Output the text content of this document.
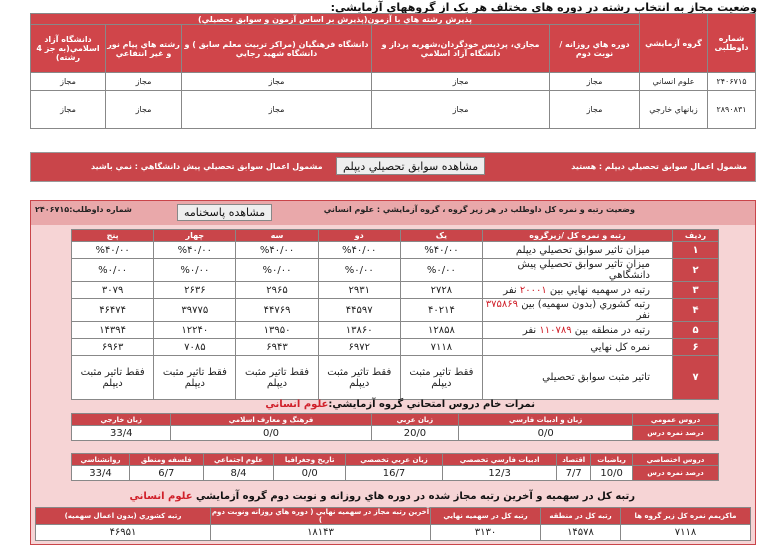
وضعیت مجاز به انتخاب رشته در دوره هاي مختلف هر يک از گروههاي آزمايشي:
شماره داوطلبی	گروه آزمايشي	پذيرش رشته هاي با آزمون(پذيرش بر اساس آزمون و سوابق تحصيلي)				
		دوره هاي روزانه / نوبت دوم	مجازي، پرديس خودگردان،شهريه پرداز و دانشگاه آزاد اسلامي	دانشگاه فرهنگيان (مراکز تربيت معلم سابق ) و دانشگاه شهيد رجايي	رشته هاي پيام نور و غير انتفاعي	دانشگاه آزاد اسلامي(به جز 4 رشته)
۲۴۰۶۷۱۵	علوم انساني	مجاز	مجاز	مجاز	مجاز	مجاز
۲۸۹۰۸۳۱	زبانهاي خارجي	مجاز	مجاز	مجاز	مجاز	مجاز
مشمول اعمال سوابق تحصيلي ديپلم : هستيد
مشاهده سوابق تحصيلي ديپلم
مشمول اعمال سوابق تحصيلي پيش دانشگاهي : نمي باشيد
وضعيت رتبه و نمره کل داوطلب در هر زير گروه ، گروه آزمايشي : علوم انساني
مشاهده پاسخنامه
شماره داوطلب:۲۴۰۶۷۱۵
رديف	رتبه و نمره کل /زيرگروه	يک	دو	سه	چهار	پنج
۱	ميزان تاثير سوابق تحصيلي ديپلم	%۴۰/۰۰	%۴۰/۰۰	%۴۰/۰۰	%۴۰/۰۰	%۴۰/۰۰
۲	ميزان تاثير سوابق تحصيلي پيش دانشگاهي	%۰/۰۰	%۰/۰۰	%۰/۰۰	%۰/۰۰	%۰/۰۰
۳	رتبه در سهميه نهايي بين ۲۰۰۰۱ نفر	۲۷۲۸	۲۹۳۱	۲۹۶۵	۲۶۳۶	۳۰۷۹
۴	رتبه کشوري (بدون سهميه) بين ۳۷۵۸۶۹ نفر	۴۰۲۱۴	۴۴۵۹۷	۴۴۷۶۹	۳۹۷۷۵	۴۶۴۷۴
۵	رتبه در منطقه بين ۱۱۰۷۸۹ نفر	۱۲۸۵۸	۱۳۸۶۰	۱۳۹۵۰	۱۲۲۴۰	۱۴۳۹۴
۶	نمره کل نهايي	۷۱۱۸	۶۹۷۲	۶۹۴۳	۷۰۸۵	۶۹۶۳
۷	تاثير مثبت سوابق تحصيلي	فقط تاثير مثبت ديپلم	فقط تاثير مثبت ديپلم	فقط تاثير مثبت ديپلم	فقط تاثير مثبت ديپلم	فقط تاثير مثبت ديپلم
نمرات خام دروس امتحاني گروه آزمايشي:علوم انساني
دروس عمومي	زبان و ادبيات فارسي	زبان عربي	فرهنگ و معارف اسلامي	زبان خارجي
درصد نمره درس	0/0	20/0	0/0	33/4
دروس اختصاصي	رياضيات	اقتصاد	ادبيات فارسي تخصصي	زبان عربي تخصصي	تاريخ وجغرافيا	علوم اجتماعي	فلسفه ومنطق	روانشناسي
درصد نمره درس	10/0	7/7	12/3	16/7	0/0	8/4	6/7	33/4
رتبه کل در سهميه و آخرين رتبه مجاز شده در دوره هاي روزانه و نوبت دوم گروه آزمايشي علوم انساني
ماکزيمم نمره کل زير گروه ها	رتبه کل در منطقه	رتبه کل در سهميه نهايي	آخرين رتبه مجاز در سهميه نهايي ( دوره هاي روزانه ونوبت دوم )	رتبه کشوري (بدون اعمال سهميه)
۷۱۱۸	۱۴۵۷۸	۳۱۳۰	۱۸۱۴۳	۴۶۹۵۱
